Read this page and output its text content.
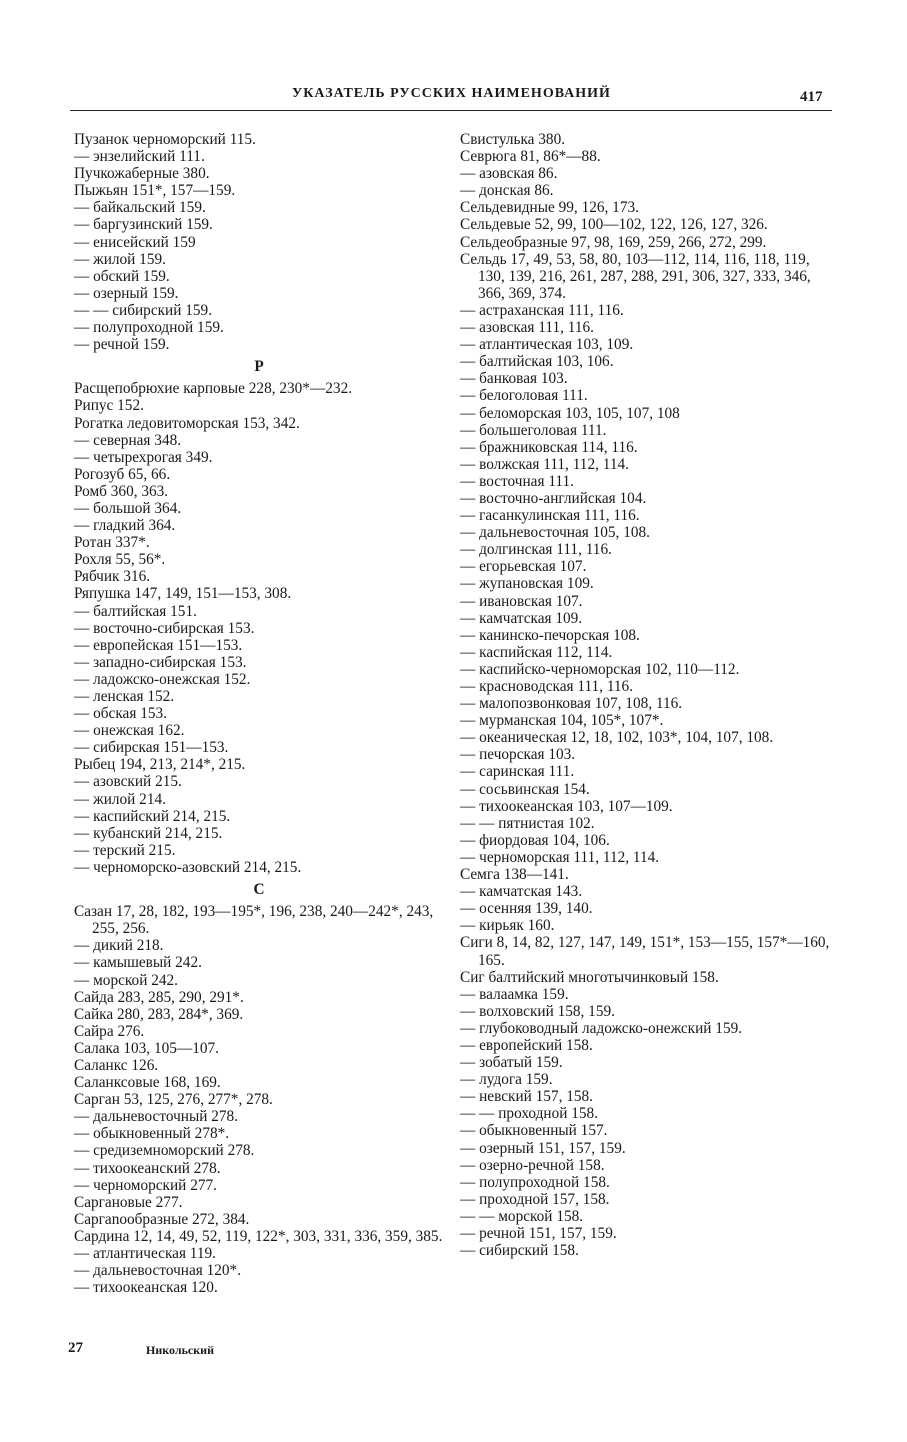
УКАЗАТЕЛЬ РУССКИХ НАИМЕНОВАНИЙ	417

Пузанок черноморский 115.

— энзелийский 111.

Пучкожаберные 380.

Пыжьян 151*, 157—159.

— байкальский 159.

— баргузинский 159.

— енисейский 159

— жилой 159.

— обский 159.

— озерный 159.

— — сибирский 159.

— полупроходной 159.

— речной 159.

Р

Расщепобрюхие карповые 228, 230*—232.

Рипус 152.

Рогатка ледовитоморская 153, 342.

— северная 348.

— четырехрогая 349.

Рогозуб 65, 66.

Ромб 360, 363.

— большой 364.

— гладкий 364.

Ротан 337*.

Рохля 55, 56*.

Рябчик 316.

Ряпушка 147, 149, 151—153, 308.

— балтийская 151.

— восточно-сибирская 153.

— европейская 151—153.

— западно-сибирская 153.

— ладожско-онежская 152.

— ленская 152.

— обская 153.

— онежская 162.

— сибирская 151—153.

Рыбец 194, 213, 214*, 215.

— азовский 215.

— жилой 214.

— каспийский 214, 215.

— кубанский 214, 215.

— терский 215.

— черноморско-азовский 214, 215.

С

Сазан 17, 28, 182, 193—195*, 196, 238, 240—242*, 243, 255, 256.

— дикий 218.

— камышевый 242.

— морской 242.

Сайда 283, 285, 290, 291*.

Сайка 280, 283, 284*, 369.

Сайра 276.

Салака 103, 105—107.

Саланкс 126.

Саланксовые 168, 169.

Сарган 53, 125, 276, 277*, 278.

— дальневосточный 278.

— обыкновенный 278*.

— средиземноморский 278.

— тихоокеанский 278.

— черноморский 277.

Саргановые 277.

Саргanообразные 272, 384.

Сардина 12, 14, 49, 52, 119, 122*, 303, 331, 336, 359, 385.

— атлантическая 119.

— дальневосточная 120*.

— тихоокеанская 120.

Свистулька 380.

Севрюга 81, 86*—88.

— азовская 86.

— донская 86.

Сельдевидные 99, 126, 173.

Сельдевые 52, 99, 100—102, 122, 126, 127, 326.

Сельдеобразные 97, 98, 169, 259, 266, 272, 299.

Сельдь 17, 49, 53, 58, 80, 103—112, 114, 116, 118, 119, 130, 139, 216, 261, 287, 288, 291, 306, 327, 333, 346, 366, 369, 374.

— астраханская 111, 116.

— азовская 111, 116.

— атлантическая 103, 109.

— балтийская 103, 106.

— банковая 103.

— белоголовая 111.

— беломорская 103, 105, 107, 108

— большеголовая 111.

— бражниковская 114, 116.

— волжская 111, 112, 114.

— восточная 111.

— восточно-английская 104.

— гасанкулинская 111, 116.

— дальневосточная 105, 108.

— долгинская 111, 116.

— егорьевская 107.

— жупановская 109.

— ивановская 107.

— камчатская 109.

— канинско-печорская 108.

— каспийская 112, 114.

— каспийско-черноморская 102, 110—112.

— красноводская 111, 116.

— малопозвонковая 107, 108, 116.

— мурманская 104, 105*, 107*.

— океаническая 12, 18, 102, 103*, 104, 107, 108.

— печорская 103.

— саринская 111.

— сосьвинская 154.

— тихоокеанская 103, 107—109.

— — пятнистая 102.

— фиордовая 104, 106.

— черноморская 111, 112, 114.

Семга 138—141.

— камчатская 143.

— осенняя 139, 140.

— кирьяк 160.

Сиги 8, 14, 82, 127, 147, 149, 151*, 153—155, 157*—160, 165.

Сиг балтийский многотычинковый 158.

— валаамка 159.

— волховский 158, 159.

— глубоководный ладожско-онежский 159.

— европейский 158.

— зобатый 159.

— лудога 159.

— невский 157, 158.

— — проходной 158.

— обыкновенный 157.

— озерный 151, 157, 159.

— озерно-речной 158.

— полупроходной 158.

— проходной 157, 158.

— — морской 158.

— речной 151, 157, 159.

— сибирский 158.

27	Никольский
